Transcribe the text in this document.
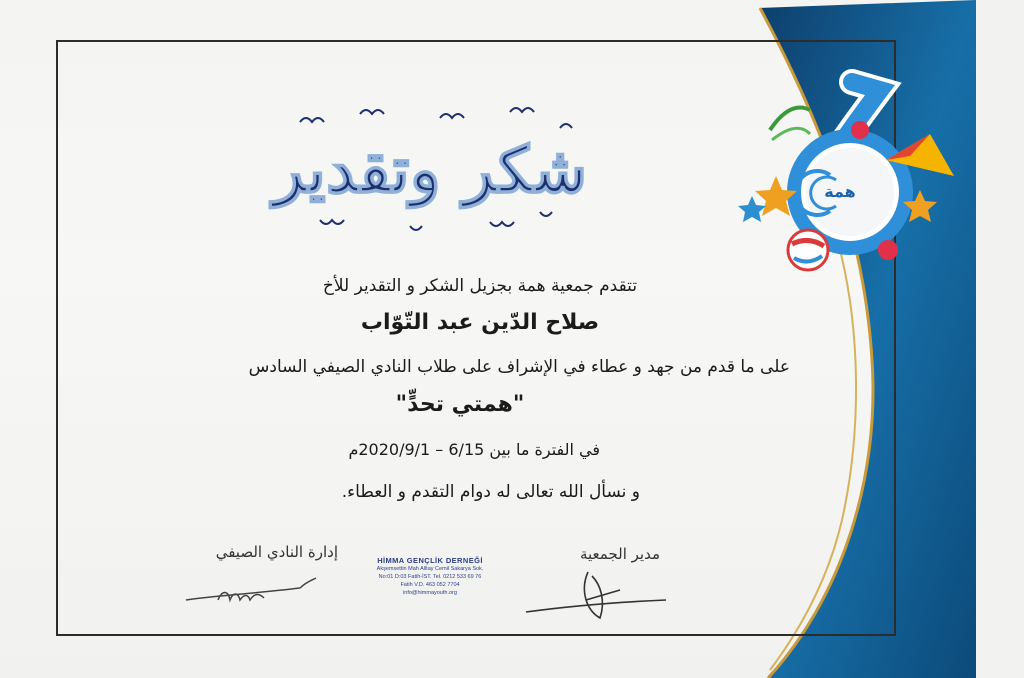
همة
شكر وتقدير
تتقدم جمعية همة بجزيل الشكر و التقدير للأخ
صلاح الدّين عبد التّوّاب
على ما قدم من جهد و عطاء في الإشراف على طلاب النادي الصيفي السادس
"همتي تحدٍّ"
في الفترة ما بين 6/15 – 2020/9/1م
و نسأل الله تعالى له دوام التقدم و العطاء.
إدارة النادي الصيفي	مدير الجمعية
HİMMA GENÇLİK DERNEĞİ
Akşemsettin Mah Alltay Cemil Sakarya Sok.
No:01 D:03 Fatih-İST. Tel. 0212 533 69 76
Fatih V.D. 463 052 7704
info@himmayouth.org
